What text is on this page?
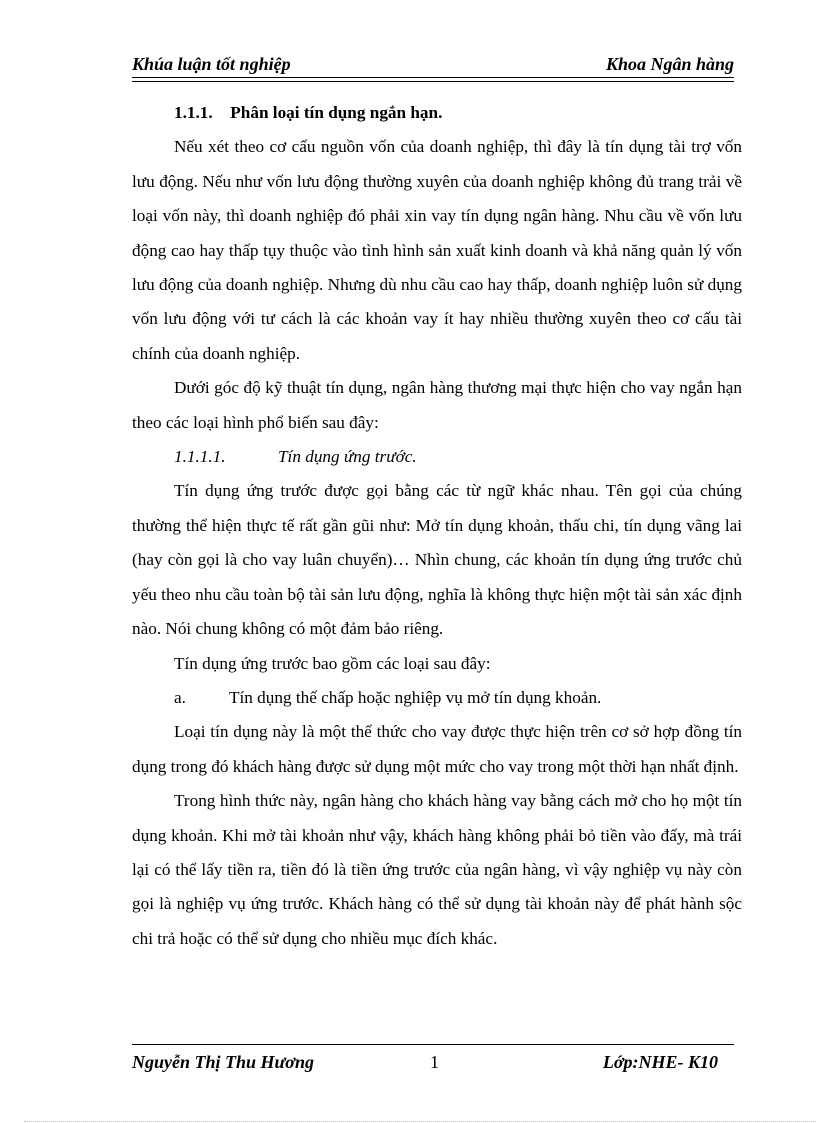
Khúa luận tốt nghiệp	Khoa Ngân hàng

1.1.1. Phân loại tín dụng ngắn hạn.

Nếu xét theo cơ cấu nguồn vốn của doanh nghiệp, thì đây là tín dụng tài trợ vốn lưu động. Nếu như vốn lưu động thường xuyên của doanh nghiệp không đủ trang trải về loại vốn này, thì doanh nghiệp đó phải xin vay tín dụng ngân hàng. Nhu cầu về vốn lưu động cao hay thấp tụy thuộc vào tình hình sản xuất kinh doanh và khả năng quản lý vốn lưu động của doanh nghiệp. Nhưng dù nhu cầu cao hay thấp, doanh nghiệp luôn sử dụng vốn lưu động với tư cách là các khoản vay ít hay nhiều thường xuyên theo cơ cấu tài chính của doanh nghiệp.

Dưới góc độ kỹ thuật tín dụng, ngân hàng thương mại thực hiện cho vay ngắn hạn theo các loại hình phổ biến sau đây:

1.1.1.1.	Tín dụng ứng trước.

Tín dụng ứng trước được gọi bằng các từ ngữ khác nhau. Tên gọi của chúng thường thể hiện thực tế rất gần gũi như: Mở tín dụng khoản, thấu chi, tín dụng vãng lai (hay còn gọi là cho vay luân chuyển)… Nhìn chung, các khoản tín dụng ứng trước chủ yếu theo nhu cầu toàn bộ tài sản lưu động, nghĩa là không thực hiện một tài sản xác định nào. Nói chung không có một đảm bảo riêng.

Tín dụng ứng trước bao gồm các loại sau đây:

a.	Tín dụng thế chấp hoặc nghiệp vụ mở tín dụng khoản.

Loại tín dụng này là một thể thức cho vay được thực hiện trên cơ sở hợp đồng tín dụng trong đó khách hàng được sử dụng một mức cho vay trong một thời hạn nhất định.

Trong hình thức này, ngân hàng cho khách hàng vay bằng cách mở cho họ một tín dụng khoản. Khi mở tài khoản như vậy, khách hàng không phải bỏ tiền vào đấy, mà trái lại có thể lấy tiền ra, tiền đó là tiền ứng trước của ngân hàng, vì vậy nghiệp vụ này còn gọi là nghiệp vụ ứng trước. Khách hàng có thể sử dụng tài khoản này để phát hành sộc chi trả hoặc có thể sử dụng cho nhiều mục đích khác.

Nguyễn Thị Thu Hương	1	Lớp:NHE- K10
